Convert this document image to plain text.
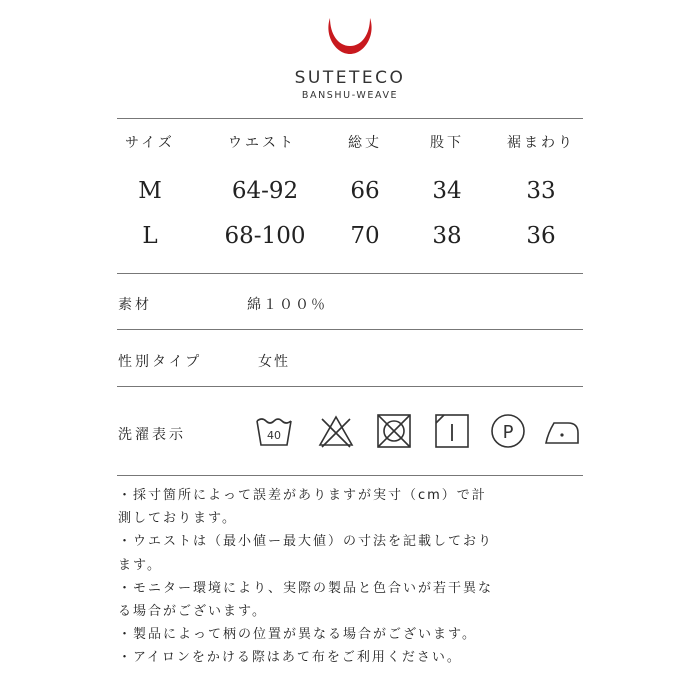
SUTETECO
BANSHU-WEAVE
サイズ	ウエスト	総丈	股下	裾まわり
M	64-92 66 34	33
L	68-100 70 38	36
素材	綿１００％
性別タイプ	女性
洗濯表示	40	P
・採寸箇所によって誤差がありますが実寸（cm）で計
測しております。
・ウエストは（最小値ー最大値）の寸法を記載しており
ます。
・モニター環境により、実際の製品と色合いが若干異な
る場合がございます。
・製品によって柄の位置が異なる場合がございます。
・アイロンをかける際はあて布をご利用ください。
